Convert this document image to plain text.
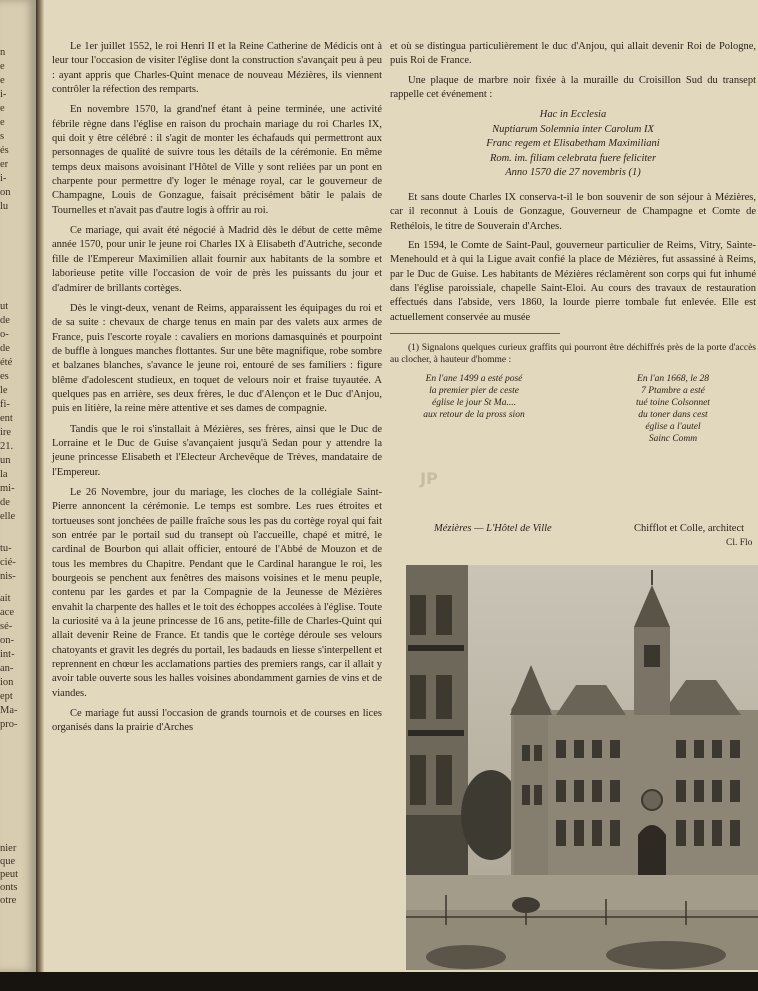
n
e
e
i-
e
e
s
és
er
i-
on
lu
ut
de
o-
de
été
es
le
fi-
ent
ire
21.
un
la
mi-
de
elle
tu-
cié-
nis-
ait
ace
sé-
on-
int-
an-
ion
ept
Ma-
pro-
nier
que
peut
onts
otre

Le 1er juillet 1552, le roi Henri II et la Reine Catherine de Médicis ont à leur tour l'occasion de visiter l'église dont la construction s'avançait peu à peu : ayant appris que Charles-Quint menace de nouveau Mézières, ils viennent contrôler la réfection des remparts.

En novembre 1570, la grand'nef étant à peine terminée, une activité fébrile règne dans l'église en raison du prochain mariage du roi Charles IX, qui doit y être célébré : il s'agit de monter les échafauds qui permettront aux personnages de qualité de suivre tous les détails de la cérémonie. En même temps deux maisons avoisinant l'Hôtel de Ville y sont reliées par un pont en charpente pour permettre d'y loger le ménage royal, car le gouverneur de Champagne, Louis de Gonzague, faisait précisément bâtir le palais de Tournelles et n'avait pas d'autre logis à offrir au roi.

Ce mariage, qui avait été négocié à Madrid dès le début de cette même année 1570, pour unir le jeune roi Charles IX à Elisabeth d'Autriche, seconde fille de l'Empereur Maximilien allait fournir aux habitants de la sombre et laborieuse petite ville l'occasion de voir de près les puissants du jour et d'admirer de brillants cortèges.

Dès le vingt-deux, venant de Reims, apparaissent les équipages du roi et de sa suite : chevaux de charge tenus en main par des valets aux armes de France, puis l'escorte royale : cavaliers en morions damasquinés et pourpoint de buffle à longues manches flottantes. Sur une bête magnifique, robe sombre et balzanes blanches, s'avance le jeune roi, entouré de ses familiers : figure blême d'adolescent studieux, en toquet de velours noir et fraise tuyautée. A quelques pas en arrière, ses deux frères, le duc d'Alençon et le Duc d'Anjou, puis en litière, la reine mère attentive et ses dames de compagnie.

Tandis que le roi s'installait à Mézières, ses frères, ainsi que le Duc de Lorraine et le Duc de Guise s'avançaient jusqu'à Sedan pour y attendre la jeune princesse Elisabeth et l'Electeur Archevêque de Trèves, mandataire de l'Empereur.

Le 26 Novembre, jour du mariage, les cloches de la collégiale Saint-Pierre annoncent la cérémonie. Le temps est sombre. Les rues étroites et tortueuses sont jonchées de paille fraîche sous les pas du cortège royal qui fait son entrée par le portail sud du transept où l'accueille, chapé et mitré, le cardinal de Bourbon qui allait officier, entouré de l'Abbé de Mouzon et de tous les membres du Chapitre. Pendant que le Cardinal harangue le roi, les bourgeois se penchent aux fenêtres des maisons voisines et le menu peuple, contenu par les gardes et par la Compagnie de la Jeunesse de Mézières envahit la charpente des halles et le toit des échoppes accolées à l'église. Toute la curiosité va à la jeune princesse de 16 ans, petite-fille de Charles-Quint qui allait devenir Reine de France. Et tandis que le cortège déroule ses velours chatoyants et gravit les degrés du portail, les badauds en liesse s'interpellent et reprennent en chœur les acclamations parties des premiers rangs, car il allait y avoir table ouverte sous les halles voisines abondamment garnies de vins et de viandes.

Ce mariage fut aussi l'occasion de grands tournois et de courses en lices organisés dans la prairie d'Arches

et où se distingua particulièrement le duc d'Anjou, qui allait devenir Roi de Pologne, puis Roi de France.

Une plaque de marbre noir fixée à la muraille du Croisillon Sud du transept rappelle cet événement :

Hac in Ecclesia
Nuptiarum Solemnia inter Carolum IX
Franc regem et Elisabetham Maximiliani
Rom. im. filiam celebrata fuere feliciter
Anno 1570 die 27 novembris (1)

Et sans doute Charles IX conserva-t-il le bon souvenir de son séjour à Mézières, car il reconnut à Louis de Gonzague, Gouverneur de Champagne et Comte de Rethélois, le titre de Souverain d'Arches.

En 1594, le Comte de Saint-Paul, gouverneur particulier de Reims, Vitry, Sainte-Menehould et à qui la Ligue avait confié la place de Mézières, fut assassiné à Reims, par le Duc de Guise. Les habitants de Mézières réclamèrent son corps qui fut inhumé dans l'église paroissiale, chapelle Saint-Eloi. Au cours des travaux de restauration effectués dans l'abside, vers 1860, la lourde pierre tombale fut enlevée. Elle est actuellement conservée au musée

(1) Signalons quelques curieux graffits qui pourront être déchiffrés près de la porte d'accès au clocher, à hauteur d'homme :

En l'ane 1499 a esté posé
la premier pier de ceste
église le jour St Ma....
aux retour de la pross sion
En l'an 1668, le 28
7 Ptambre a esté
tué toine Colsonnet
du toner dans cest
église a l'autel
Sainc Comm
Mézières — L'Hôtel de Ville	Chifflot et Colle, architect
Cl. Flo
JP
